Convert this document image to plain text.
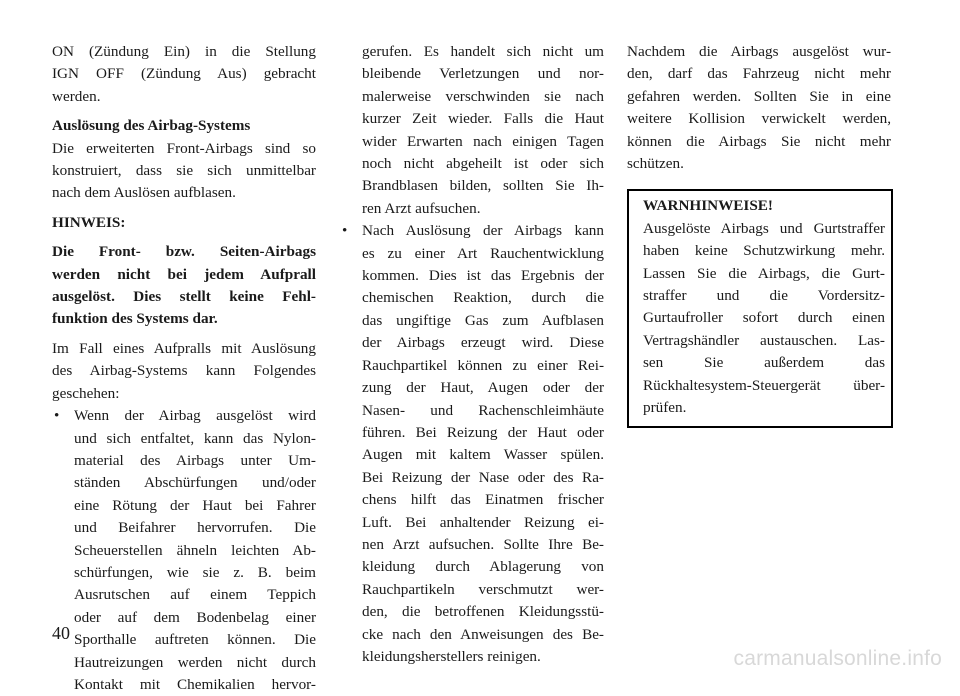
ON (Zündung Ein) in die Stellung
IGN OFF (Zündung Aus) gebracht
werden.
Auslösung des Airbag-Systems
Die erweiterten Front-Airbags sind so
konstruiert, dass sie sich unmittelbar
nach dem Auslösen aufblasen.
HINWEIS:
Die Front- bzw. Seiten-Airbags
werden nicht bei jedem Aufprall
ausgelöst. Dies stellt keine Fehl-
funktion des Systems dar.
Im Fall eines Aufpralls mit Auslösung
des Airbag-Systems kann Folgendes
geschehen:
• Wenn der Airbag ausgelöst wird
und sich entfaltet, kann das Nylon-
material des Airbags unter Um-
ständen Abschürfungen und/oder
eine Rötung der Haut bei Fahrer
und Beifahrer hervorrufen. Die
Scheuerstellen ähneln leichten Ab-
schürfungen, wie sie z. B. beim
Ausrutschen auf einem Teppich
oder auf dem Bodenbelag einer
Sporthalle auftreten können. Die
Hautreizungen werden nicht durch
Kontakt mit Chemikalien hervor-
gerufen. Es handelt sich nicht um
bleibende Verletzungen und nor-
malerweise verschwinden sie nach
kurzer Zeit wieder. Falls die Haut
wider Erwarten nach einigen Tagen
noch nicht abgeheilt ist oder sich
Brandblasen bilden, sollten Sie Ih-
ren Arzt aufsuchen.
• Nach Auslösung der Airbags kann
es zu einer Art Rauchentwicklung
kommen. Dies ist das Ergebnis der
chemischen Reaktion, durch die
das ungiftige Gas zum Aufblasen
der Airbags erzeugt wird. Diese
Rauchpartikel können zu einer Rei-
zung der Haut, Augen oder der
Nasen- und Rachenschleimhäute
führen. Bei Reizung der Haut oder
Augen mit kaltem Wasser spülen.
Bei Reizung der Nase oder des Ra-
chens hilft das Einatmen frischer
Luft. Bei anhaltender Reizung ei-
nen Arzt aufsuchen. Sollte Ihre Be-
kleidung durch Ablagerung von
Rauchpartikeln verschmutzt wer-
den, die betroffenen Kleidungsstü-
cke nach den Anweisungen des Be-
kleidungsherstellers reinigen.
Nachdem die Airbags ausgelöst wur-
den, darf das Fahrzeug nicht mehr
gefahren werden. Sollten Sie in eine
weitere Kollision verwickelt werden,
können die Airbags Sie nicht mehr
schützen.
WARNHINWEISE!
Ausgelöste Airbags und Gurtstraffer
haben keine Schutzwirkung mehr.
Lassen Sie die Airbags, die Gurt-
straffer und die Vordersitz-
Gurtaufroller sofort durch einen
Vertragshändler austauschen. Las-
sen Sie außerdem das
Rückhaltesystem-Steuergerät über-
prüfen.
40
carmanualsonline.info
